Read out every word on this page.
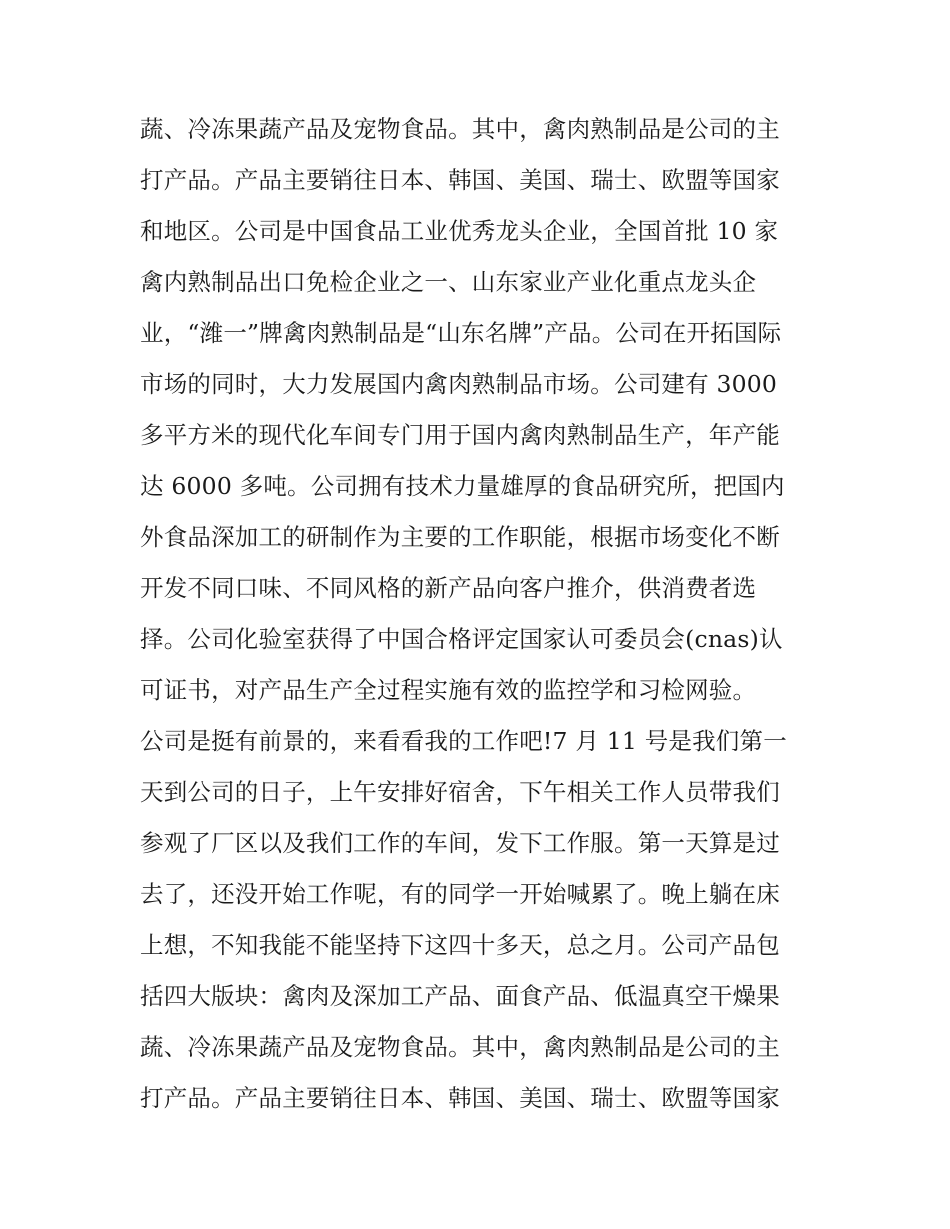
蔬、冷冻果蔬产品及宠物食品。其中，禽肉熟制品是公司的主
打产品。产品主要销往日本、韩国、美国、瑞士、欧盟等国家
和地区。公司是中国食品工业优秀龙头企业，全国首批 10 家
禽内熟制品出口免检企业之一、山东家业产业化重点龙头企
业，“潍一”牌禽肉熟制品是“山东名牌”产品。公司在开拓国际
市场的同时，大力发展国内禽肉熟制品市场。公司建有 3000
多平方米的现代化车间专门用于国内禽肉熟制品生产，年产能
达 6000 多吨。公司拥有技术力量雄厚的食品研究所，把国内
外食品深加工的研制作为主要的工作职能，根据市场变化不断
开发不同口味、不同风格的新产品向客户推介，供消费者选
择。公司化验室获得了中国合格评定国家认可委员会(cnas)认
可证书，对产品生产全过程实施有效的监控学和习检网验。
公司是挺有前景的，来看看我的工作吧!7 月 11 号是我们第一
天到公司的日子，上午安排好宿舍，下午相关工作人员带我们
参观了厂区以及我们工作的车间，发下工作服。第一天算是过
去了，还没开始工作呢，有的同学一开始喊累了。晚上躺在床
上想，不知我能不能坚持下这四十多天，总之月。公司产品包
括四大版块：禽肉及深加工产品、面食产品、低温真空干燥果
蔬、冷冻果蔬产品及宠物食品。其中，禽肉熟制品是公司的主
打产品。产品主要销往日本、韩国、美国、瑞士、欧盟等国家
